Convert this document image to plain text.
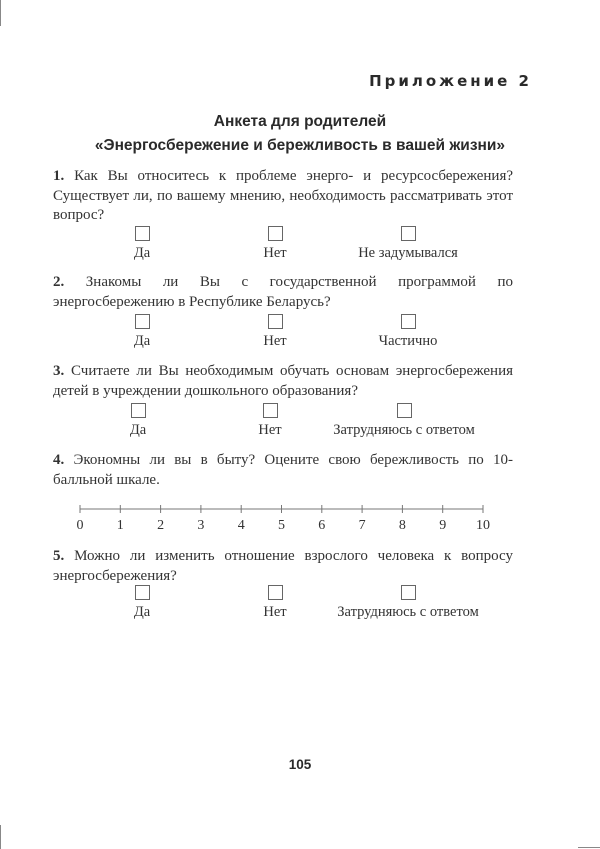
Приложение 2
Анкета для родителей
«Энергосбережение и бережливость в вашей жизни»
1. Как Вы относитесь к проблеме энерго- и ресурсосбережения? Существует ли, по вашему мнению, необходимость рассматривать этот вопрос?
Да	Нет	Не задумывался
2. Знакомы ли Вы с государственной программой по энергосбережению в Республике Беларусь?
Да	Нет	Частично
3. Считаете ли Вы необходимым обучать основам энергосбережения детей в учреждении дошкольного образования?
Да	Нет	Затрудняюсь с ответом
4. Экономны ли вы в быту? Оцените свою бережливость по 10-балльной шкале.
0 1 2 3 4 5 6 7 8 9 10
5. Можно ли изменить отношение взрослого человека к вопросу энергосбережения?
Да	Нет	Затрудняюсь с ответом
105
